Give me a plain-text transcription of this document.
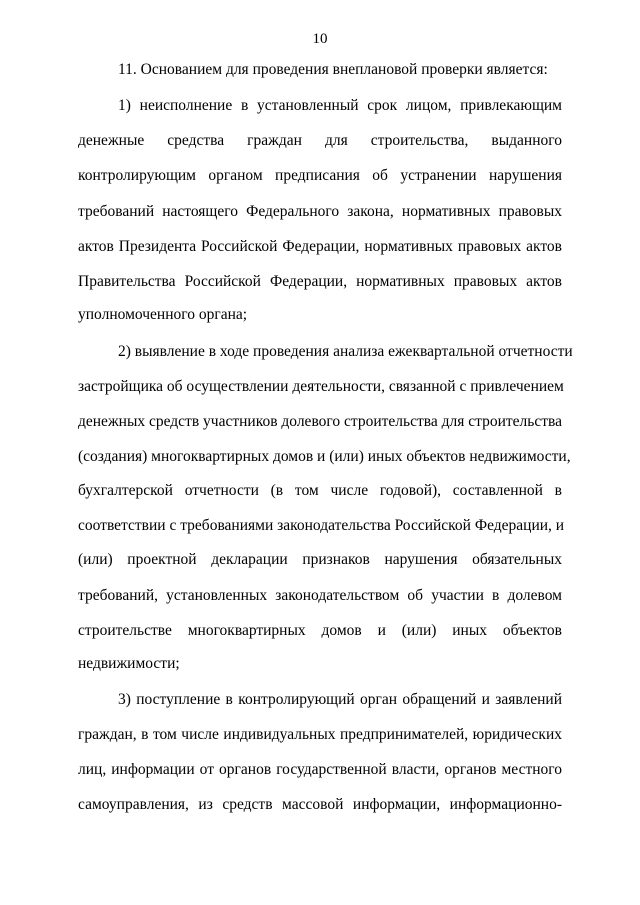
10
11. Основанием для проведения внеплановой проверки является:
1) неисполнение в установленный срок лицом, привлекающим
денежные средства граждан для строительства, выданного
контролирующим органом предписания об устранении нарушения
требований настоящего Федерального закона, нормативных правовых
актов Президента Российской Федерации, нормативных правовых актов
Правительства Российской Федерации, нормативных правовых актов
уполномоченного органа;
2) выявление в ходе проведения анализа ежеквартальной отчетности
застройщика об осуществлении деятельности, связанной с привлечением
денежных средств участников долевого строительства для строительства
(создания) многоквартирных домов и (или) иных объектов недвижимости,
бухгалтерской отчетности (в том числе годовой), составленной в
соответствии с требованиями законодательства Российской Федерации, и
(или) проектной декларации признаков нарушения обязательных
требований, установленных законодательством об участии в долевом
строительстве многоквартирных домов и (или) иных объектов
недвижимости;
3) поступление в контролирующий орган обращений и заявлений
граждан, в том числе индивидуальных предпринимателей, юридических
лиц, информации от органов государственной власти, органов местного
самоуправления, из средств массовой информации, информационно-
